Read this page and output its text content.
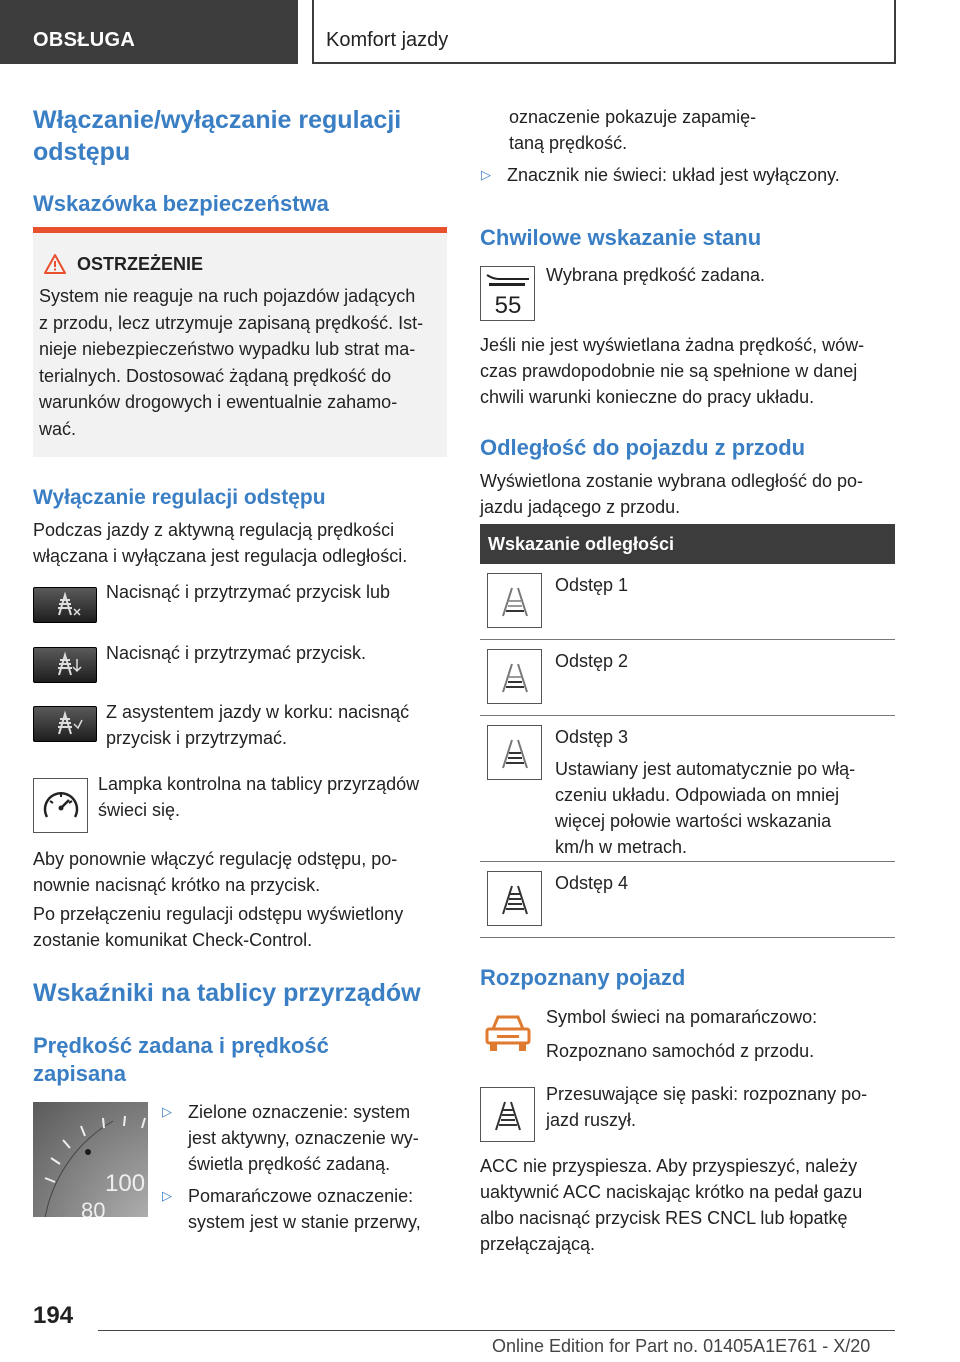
OBSŁUGA	Komfort jazdy
Włączanie/wyłączanie regulacji odstępu
Wskazówka bezpieczeństwa
OSTRZEŻENIE
System nie reaguje na ruch pojazdów jadących
z przodu, lecz utrzymuje zapisaną prędkość. Ist-
nieje niebezpieczeństwo wypadku lub strat ma-
terialnych. Dostosować żądaną prędkość do
warunków drogowych i ewentualnie zahamo-
wać.
Wyłączanie regulacji odstępu
Podczas jazdy z aktywną regulacją prędkości
włączana i wyłączana jest regulacja odległości.
Nacisnąć i przytrzymać przycisk lub
Nacisnąć i przytrzymać przycisk.
Z asystentem jazdy w korku: nacisnąć
przycisk i przytrzymać.
Lampka kontrolna na tablicy przyrządów
świeci się.
Aby ponownie włączyć regulację odstępu, po-
nownie nacisnąć krótko na przycisk.
Po przełączeniu regulacji odstępu wyświetlony
zostanie komunikat Check-Control.
Wskaźniki na tablicy przyrządów
Prędkość zadana i prędkość
zapisana
100
80
▷ Zielone oznaczenie: system
jest aktywny, oznaczenie wy-
świetla prędkość zadaną.
▷ Pomarańczowe oznaczenie:
system jest w stanie przerwy,
oznaczenie pokazuje zapamię-
taną prędkość.
▷ Znacznik nie świeci: układ jest wyłączony.
Chwilowe wskazanie stanu
55
Wybrana prędkość zadana.
Jeśli nie jest wyświetlana żadna prędkość, wów-
czas prawdopodobnie nie są spełnione w danej
chwili warunki konieczne do pracy układu.
Odległość do pojazdu z przodu
Wyświetlona zostanie wybrana odległość do po-
jazdu jadącego z przodu.
Wskazanie odległości
Odstęp 1
Odstęp 2
Odstęp 3
Ustawiany jest automatycznie po włą-
czeniu układu. Odpowiada on mniej
więcej połowie wartości wskazania
km/h w metrach.
Odstęp 4
Rozpoznany pojazd
Symbol świeci na pomarańczowo:
Rozpoznano samochód z przodu.
Przesuwające się paski: rozpoznany po-
jazd ruszył.
ACC nie przyspiesza. Aby przyspieszyć, należy
uaktywnić ACC naciskając krótko na pedał gazu
albo nacisnąć przycisk RES CNCL lub łopatkę
przełączającą.
194
Online Edition for Part no. 01405A1E761 - X/20
